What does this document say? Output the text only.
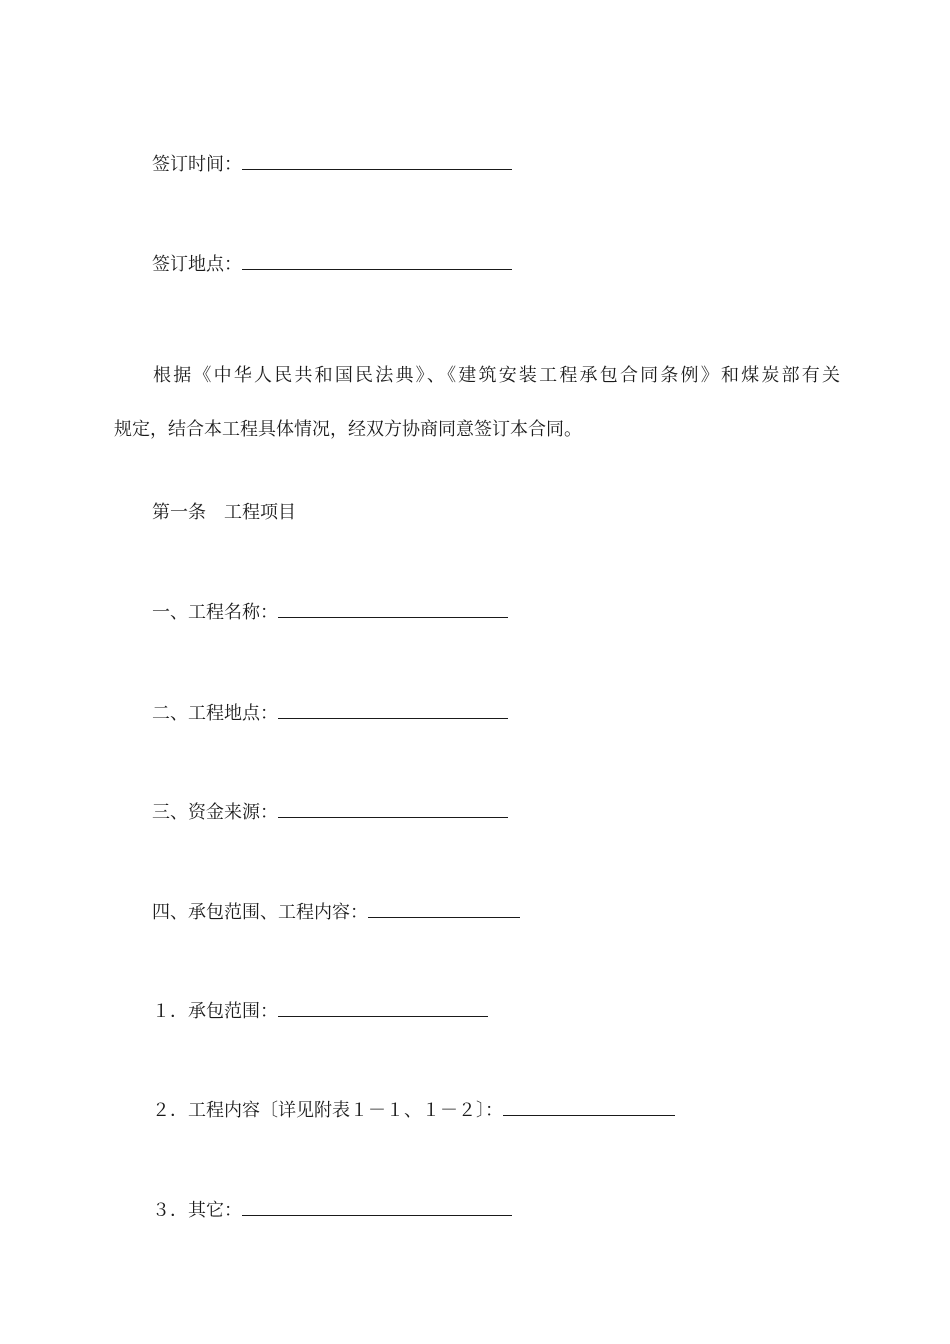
签订时间：
签订地点：
根据《中华人民共和国民法典》、《建筑安装工程承包合同条例》和煤炭部有关
规定，结合本工程具体情况，经双方协商同意签订本合同。
第一条　工程项目
一、工程名称：
二、工程地点：
三、资金来源：
四、承包范围、工程内容：
１．承包范围：
２．工程内容〔详见附表１－１、１－２〕：
３．其它：
